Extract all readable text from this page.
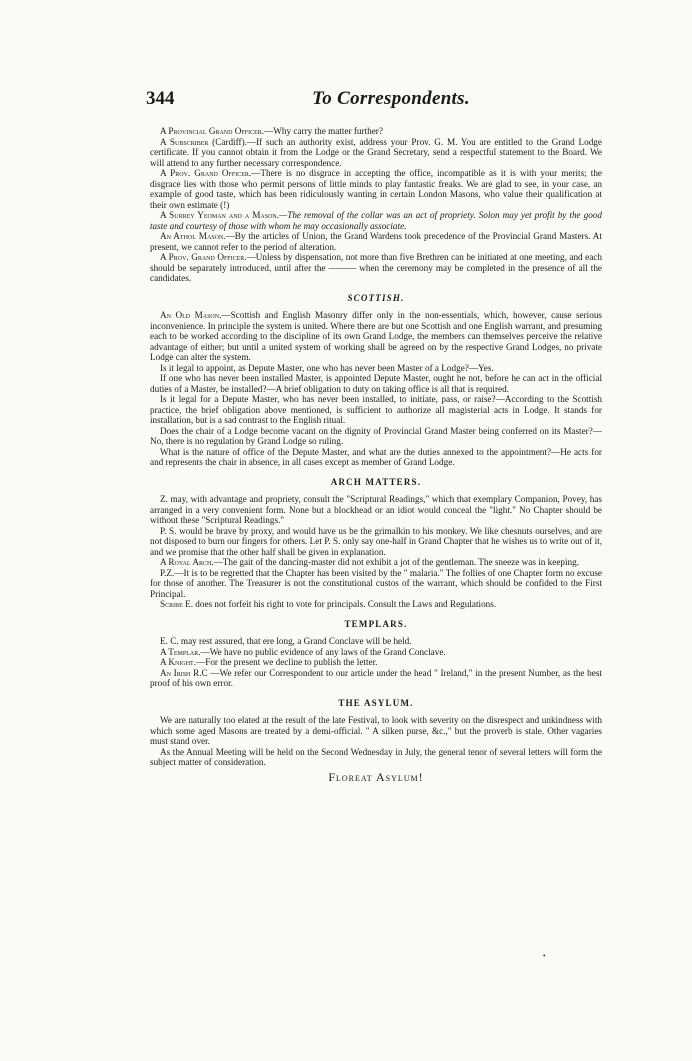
344	To Correspondents.

A Provincial Grand Officer.—Why carry the matter further?

A Subscriber (Cardiff).—If such an authority exist, address your Prov. G. M. You are entitled to the Grand Lodge certificate. If you cannot obtain it from the Lodge or the Grand Secretary, send a respectful statement to the Board. We will attend to any further necessary correspondence.

A Prov. Grand Officer.—There is no disgrace in accepting the office, incompatible as it is with your merits; the disgrace lies with those who permit persons of little minds to play fantastic freaks. We are glad to see, in your case, an example of good taste, which has been ridiculously wanting in certain London Masons, who value their qualification at their own estimate (!)

A Surrey Yeoman and a Mason.—The removal of the collar was an act of propriety. Solon may yet profit by the good taste and courtesy of those with whom he may occasionally associate.

An Athol Mason.—By the articles of Union, the Grand Wardens took precedence of the Provincial Grand Masters. At present, we cannot refer to the period of alteration.

A Prov. Grand Officer.—Unless by dispensation, not more than five Brethren can be initiated at one meeting, and each should be separately introduced, until after the ——— when the ceremony may be completed in the presence of all the candidates.

SCOTTISH.

An Old Mason.—Scottish and English Masonry differ only in the non-essentials, which, however, cause serious inconvenience. In principle the system is united. Where there are but one Scottish and one English warrant, and presuming each to be worked according to the discipline of its own Grand Lodge, the members can themselves perceive the relative advantage of either; but until a united system of working shall be agreed on by the respective Grand Lodges, no private Lodge can alter the system.

Is it legal to appoint, as Depute Master, one who has never been Master of a Lodge?—Yes.

If one who has never been installed Master, is appointed Depute Master, ought he not, before he can act in the official duties of a Master, be installed?—A brief obligation to duty on taking office is all that is required.

Is it legal for a Depute Master, who has never been installed, to initiate, pass, or raise?—According to the Scottish practice, the brief obligation above mentioned, is sufficient to authorize all magisterial acts in Lodge. It stands for installation, but is a sad contrast to the English ritual.

Does the chair of a Lodge become vacant on the dignity of Provincial Grand Master being conferred on its Master?—No, there is no regulation by Grand Lodge so ruling.

What is the nature of office of the Depute Master, and what are the duties annexed to the appointment?—He acts for and represents the chair in absence, in all cases except as member of Grand Lodge.

ARCH MATTERS.

Z. may, with advantage and propriety, consult the "Scriptural Readings," which that exemplary Companion, Povey, has arranged in a very convenient form. None but a blockhead or an idiot would conceal the "light." No Chapter should be without these "Scriptural Readings."

P. S. would be brave by proxy, and would have us be the grimalkin to his monkey. We like chesnuts ourselves, and are not disposed to burn our fingers for others. Let P. S. only say one-half in Grand Chapter that he wishes us to write out of it, and we promise that the other half shall be given in explanation.

A Royal Arch.—The gait of the dancing-master did not exhibit a jot of the gentleman. The sneeze was in keeping.

P.Z.—It is to be regretted that the Chapter has been visited by the " malaria." The follies of one Chapter form no excuse for those of another. The Treasurer is not the constitutional custos of the warrant, which should be confided to the First Principal.

Scribe E. does not forfeit his right to vote for principals. Consult the Laws and Regulations.

TEMPLARS.

E. C. may rest assured, that ere long, a Grand Conclave will be held.

A Templar.—We have no public evidence of any laws of the Grand Conclave.

A Knight.—For the present we decline to publish the letter.

An Irish R.C —We refer our Correspondent to our article under the head " Ireland," in the present Number, as the best proof of his own error.

THE ASYLUM.

We are naturally too elated at the result of the late Festival, to look with severity on the disrespect and unkindness with which some aged Masons are treated by a demi-official. " A silken purse, &c.," but the proverb is stale. Other vagaries must stand over.

As the Annual Meeting will be held on the Second Wednesday in July, the general tenor of several letters will form the subject matter of consideration.

Floreat Asylum!
•
